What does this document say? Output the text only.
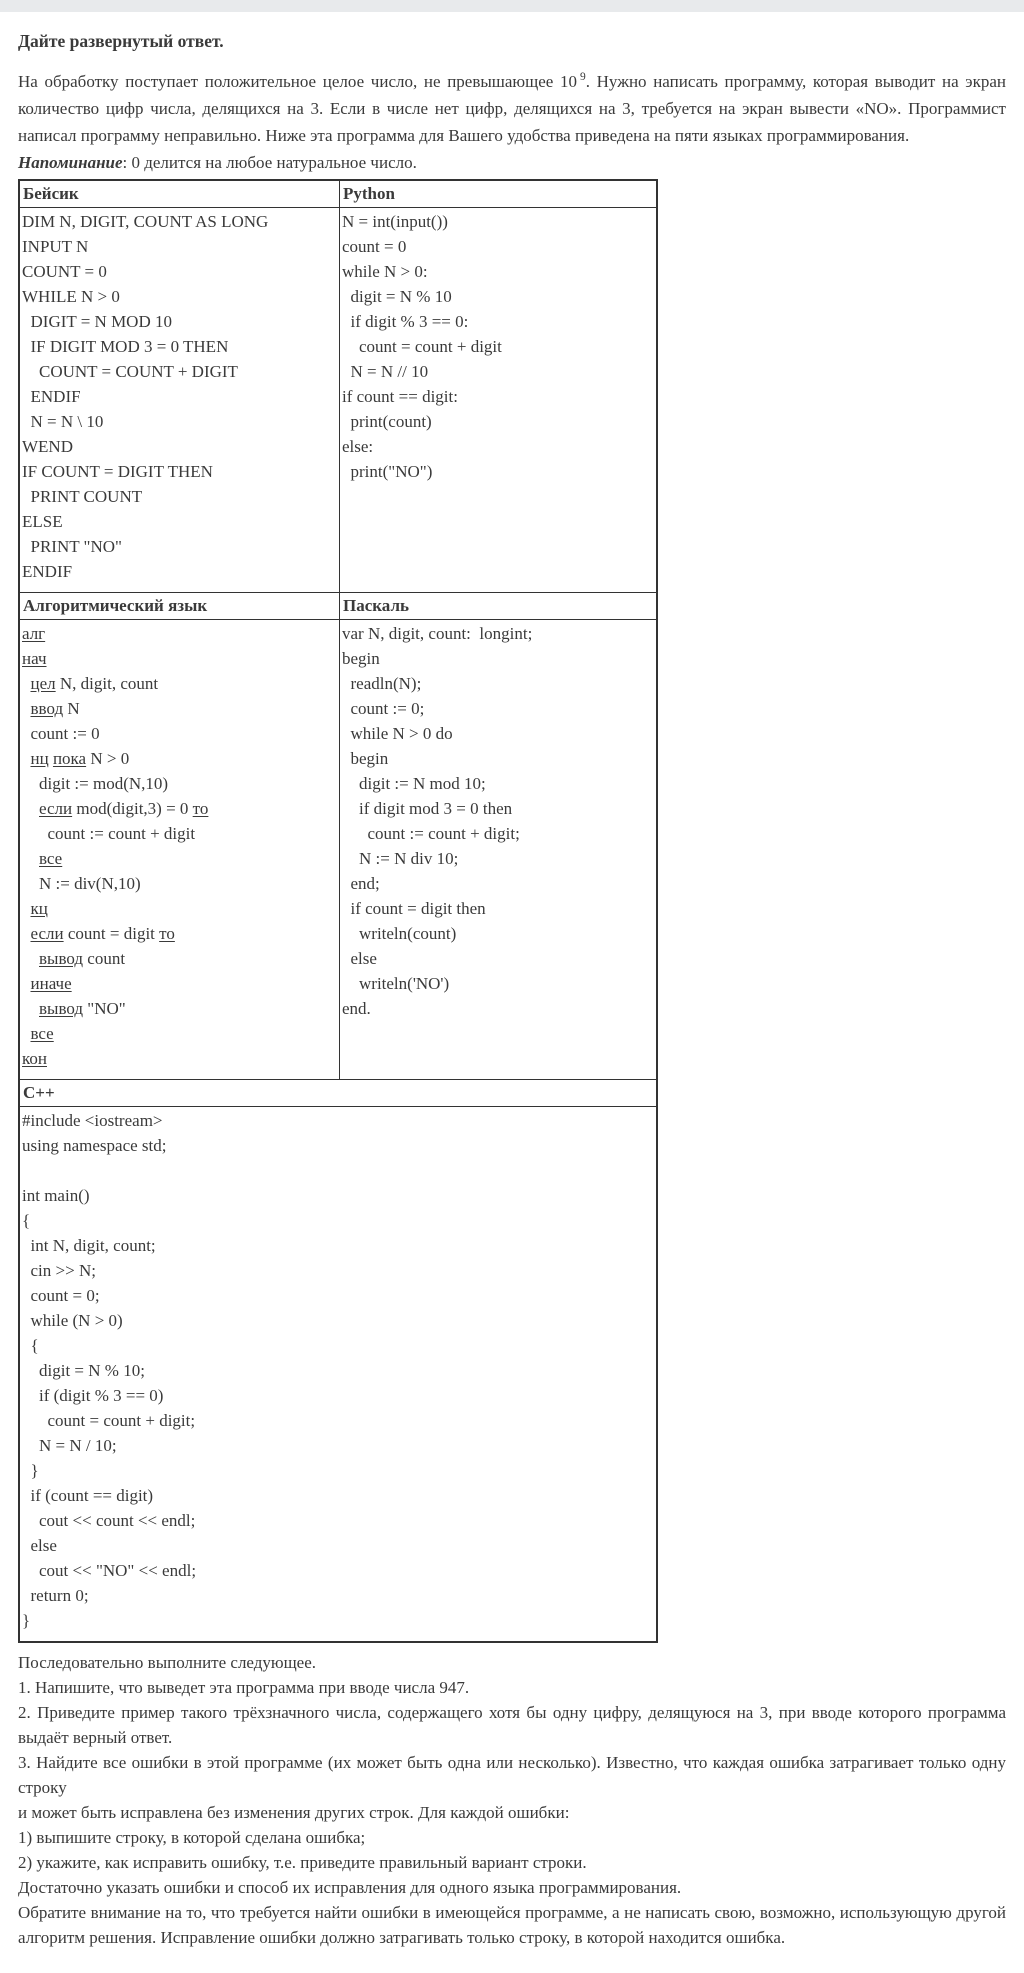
Дайте развернутый ответ.
На обработку поступает положительное целое число, не превышающее 10 $^9$. Нужно написать программу, которая выводит на экран количество цифр числа, делящихся на 3. Если в числе нет цифр, делящихся на 3, требуется на экран вывести «NO». Программист написал программу неправильно. Ниже эта программа для Вашего удобства приведена на пяти языках программирования.
Напоминание: 0 делится на любое натуральное число.
Бейсик	Python
DIM N, DIGIT, COUNT AS LONG
INPUT N
COUNT = 0
WHILE N > 0
DIGIT = N MOD 10
IF DIGIT MOD 3 = 0 THEN
COUNT = COUNT + DIGIT
ENDIF
N = N \ 10
WEND
IF COUNT = DIGIT THEN
PRINT COUNT
ELSE
PRINT "NO"
ENDIF
N = int(input())
count = 0
while N > 0:
digit = N % 10
if digit % 3 == 0:
count = count + digit
N = N // 10
if count == digit:
print(count)
else:
print("NO")
Алгоритмический язык	Паскаль
алг
нач
цел N, digit, count
ввод N
count := 0
нц пока N > 0
digit := mod(N,10)
если mod(digit,3) = 0 то
count := count + digit
все
N := div(N,10)
кц
если count = digit то
вывод count
иначе
вывод "NO"
все
кон
var N, digit, count:  longint;
begin
readln(N);
count := 0;
while N > 0 do
begin
digit := N mod 10;
if digit mod 3 = 0 then
count := count + digit;
N := N div 10;
end;
if count = digit then
writeln(count)
else
writeln('NO')
end.
C++
#include <iostream>
using namespace std;
int main()
{
int N, digit, count;
cin >> N;
count = 0;
while (N > 0)
{
digit = N % 10;
if (digit % 3 == 0)
count = count + digit;
N = N / 10;
}
if (count == digit)
cout << count << endl;
else
cout << "NO" << endl;
return 0;
}
Последовательно выполните следующее.
1. Напишите, что выведет эта программа при вводе числа 947.
2. Приведите пример такого трёхзначного числа, содержащего хотя бы одну цифру, делящуюся на 3, при вводе которого программа выдаёт верный ответ.
3. Найдите все ошибки в этой программе (их может быть одна или несколько). Известно, что каждая ошибка затрагивает только одну строку
и может быть исправлена без изменения других строк. Для каждой ошибки:
1) выпишите строку, в которой сделана ошибка;
2) укажите, как исправить ошибку, т.е. приведите правильный вариант строки.
Достаточно указать ошибки и способ их исправления для одного языка программирования.
Обратите внимание на то, что требуется найти ошибки в имеющейся программе, а не написать свою, возможно, использующую другой алгоритм решения. Исправление ошибки должно затрагивать только строку, в которой находится ошибка.
